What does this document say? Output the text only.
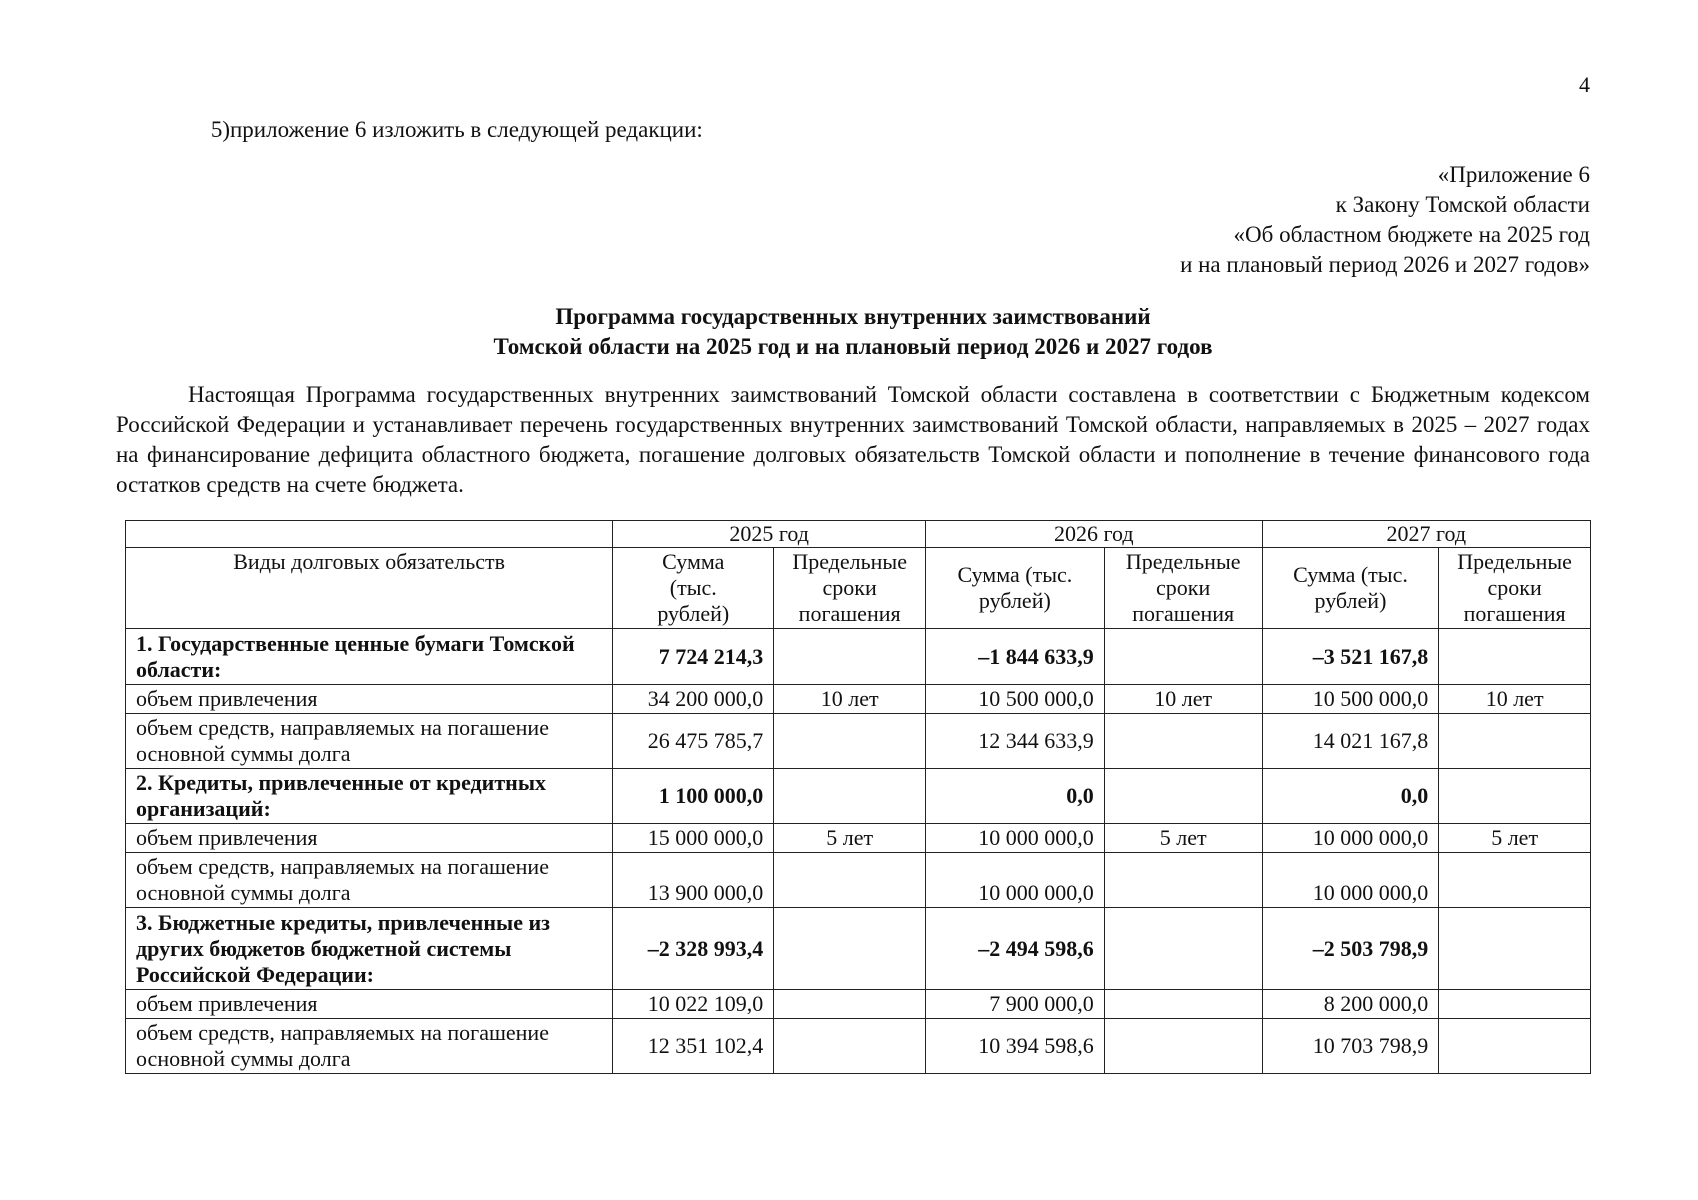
4
5)приложение 6 изложить в следующей редакции:
«Приложение 6
к Закону Томской области
«Об областном бюджете на 2025 год
и на плановый период 2026 и 2027 годов»
Программа государственных внутренних заимствований
Томской области на 2025 год и на плановый период 2026 и 2027 годов

Настоящая Программа государственных внутренних заимствований Томской области составлена в соответствии с Бюджетным кодексом Российской Федерации и устанавливает перечень государственных внутренних заимствований Томской области, направляемых в 2025 – 2027 годах на финансирование дефицита областного бюджета, погашение долговых обязательств Томской области и пополнение в течение финансового года остатков средств на счете бюджета.

	2025 год		2026 год		2027 год	
Виды долговых обязательств	Сумма (тыс. рублей)	Предельные сроки погашения	Сумма (тыс. рублей)	Предельные сроки погашения	Сумма (тыс. рублей)	Предельные сроки погашения
1. Государственные ценные бумаги Томской области:	7 724 214,3		–1 844 633,9		–3 521 167,8	
объем привлечения	34 200 000,0	10 лет	10 500 000,0	10 лет	10 500 000,0	10 лет
объем средств, направляемых на погашение основной суммы долга	26 475 785,7		12 344 633,9		14 021 167,8	
2. Кредиты, привлеченные от кредитных организаций:	1 100 000,0		0,0		0,0	
объем привлечения	15 000 000,0	5 лет	10 000 000,0	5 лет	10 000 000,0	5 лет
объем средств, направляемых на погашение основной суммы долга	13 900 000,0		10 000 000,0		10 000 000,0	
3. Бюджетные кредиты, привлеченные из других бюджетов бюджетной системы Российской Федерации:	–2 328 993,4		–2 494 598,6		–2 503 798,9	
объем привлечения	10 022 109,0		7 900 000,0		8 200 000,0	
объем средств, направляемых на погашение основной суммы долга	12 351 102,4		10 394 598,6		10 703 798,9	
